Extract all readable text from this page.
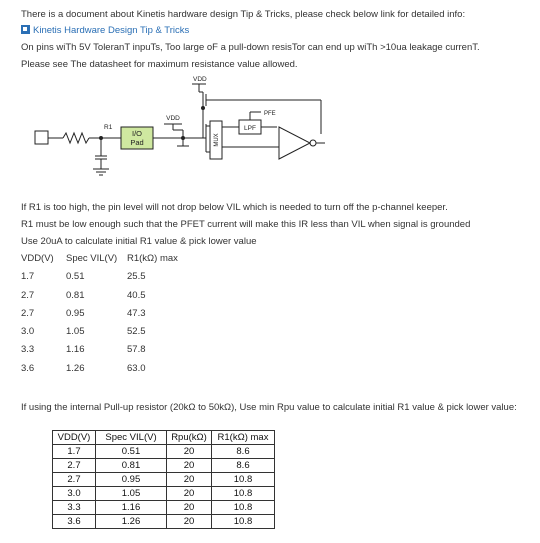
There is a document about Kinetis hardware design Tip & Tricks, please check below link for detailed info:
Kinetis Hardware Design Tip & Tricks
On pins wiTh 5V ToleranT inpuTs, Too large oF a pull-down resisTor can end up wiTh >10ua leakage currenT.
Please see The datasheet for maximum resistance value allowed.
R1
I/O
Pad
VDD
VDD
PFE
LPF
MUX
If R1 is too high, the pin level will not drop below VIL which is needed to turn off the p-channel keeper.
R1 must be low enough such that the PFET current will make this IR less than VIL when signal is grounded
Use 20uA to calculate initial R1 value & pick lower value
VDD(V)	Spec VIL(V)	R1(kΩ) max
1.7	0.51	25.5
2.7	0.81	40.5
2.7	0.95	47.3
3.0	1.05	52.5
3.3	1.16	57.8
3.6	1.26	63.0
If using the internal Pull-up resistor (20kΩ to 50kΩ), Use min Rpu value to calculate initial R1 value & pick lower value:
VDD(V)	Spec VIL(V)	Rpu(kΩ)	R1(kΩ) max
1.7	0.51	20	8.6
2.7	0.81	20	8.6
2.7	0.95	20	10.8
3.0	1.05	20	10.8
3.3	1.16	20	10.8
3.6	1.26	20	10.8
